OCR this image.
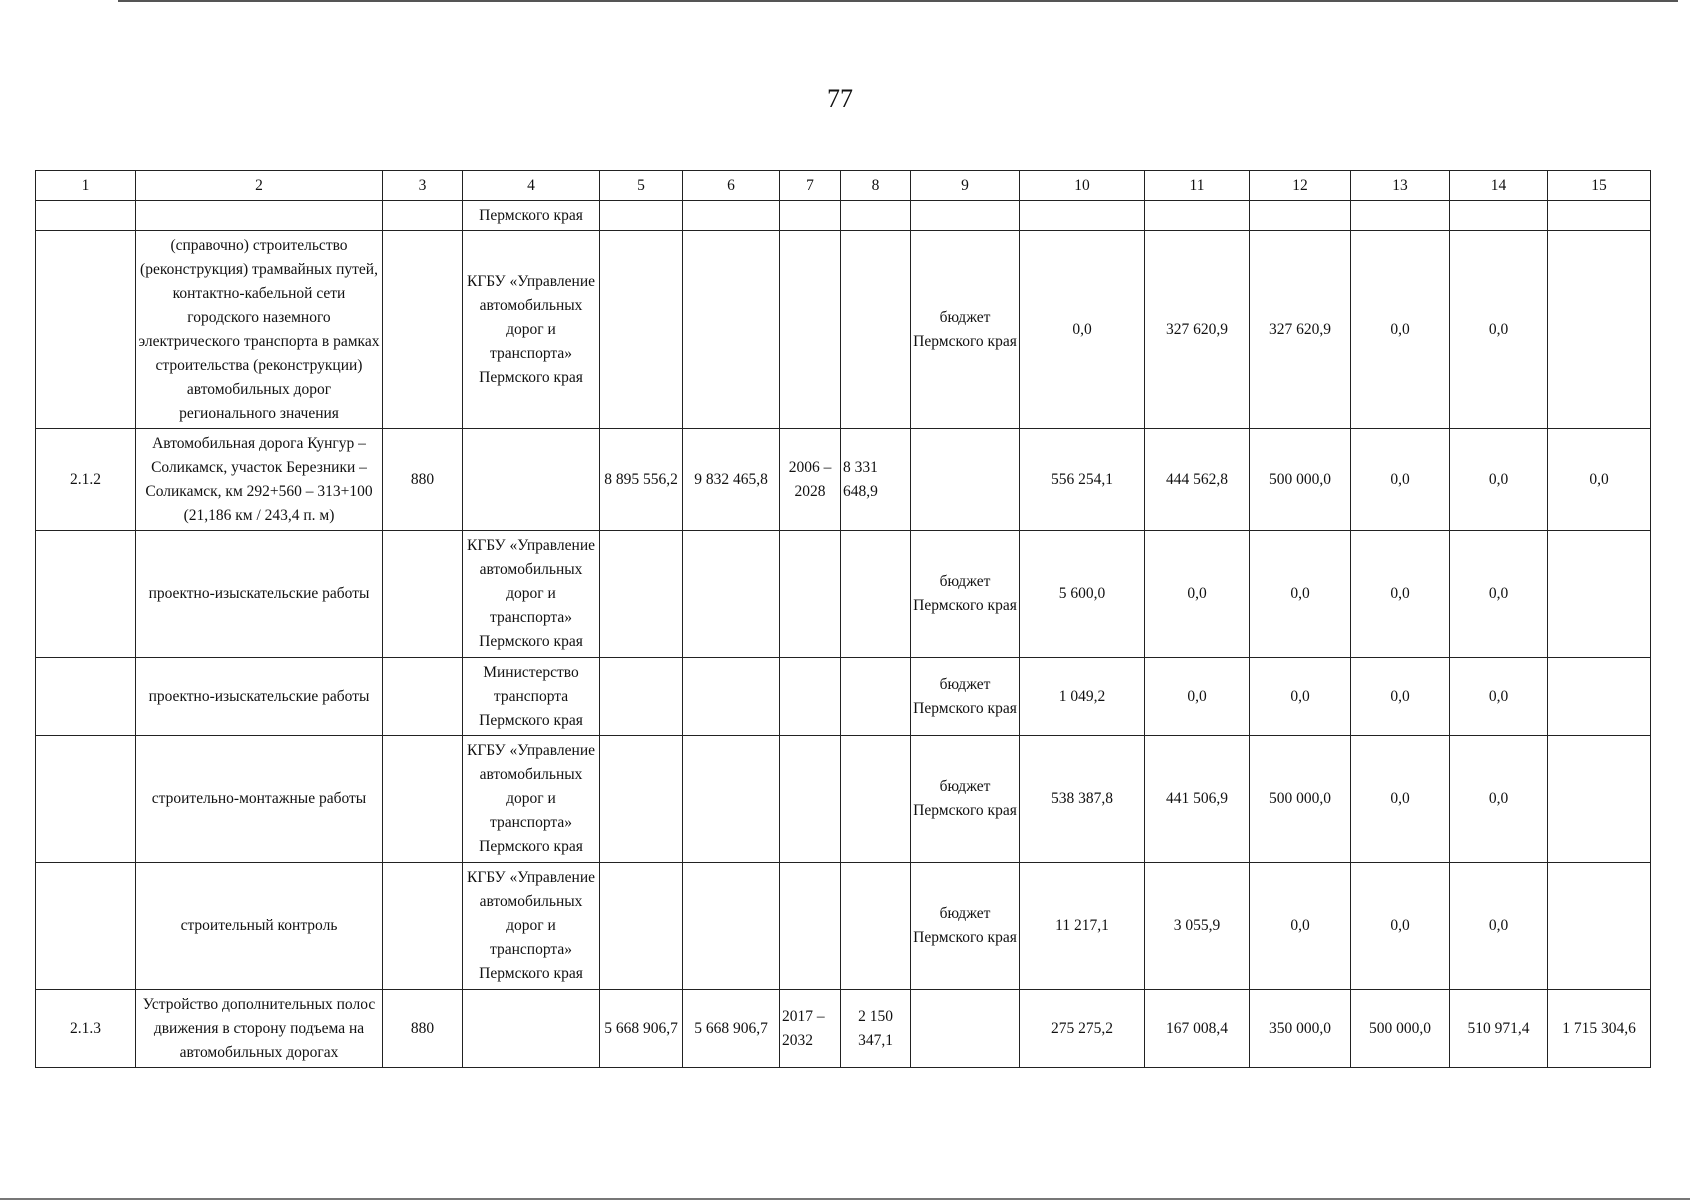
77
1	2	3	4	5	6	7	8	9	10	11	12	13	14	15
			Пермского края											
	(справочно) строительство (реконструкция) трамвайных путей, контактно-кабельной сети городского наземного электрического транспорта в рамках строительства (реконструкции) автомобильных дорог регионального значения		КГБУ «Управление автомобильных дорог и транспорта» Пермского края					бюджет Пермского края	0,0	327 620,9	327 620,9	0,0	0,0	
2.1.2	Автомобильная дорога Кунгур – Соликамск, участок Березники – Соликамск, км 292+560 – 313+100 (21,186 км / 243,4 п. м)	880		8 895 556,2	9 832 465,8	2006 – 2028	8 331 648,9		556 254,1	444 562,8	500 000,0	0,0	0,0	0,0
	проектно-изыскательские работы		КГБУ «Управление автомобильных дорог и транспорта» Пермского края					бюджет Пермского края	5 600,0	0,0	0,0	0,0	0,0	
	проектно-изыскательские работы		Министерство транспорта Пермского края					бюджет Пермского края	1 049,2	0,0	0,0	0,0	0,0	
	строительно-монтажные работы		КГБУ «Управление автомобильных дорог и транспорта» Пермского края					бюджет Пермского края	538 387,8	441 506,9	500 000,0	0,0	0,0	
	строительный контроль		КГБУ «Управление автомобильных дорог и транспорта» Пермского края					бюджет Пермского края	11 217,1	3 055,9	0,0	0,0	0,0	
2.1.3	Устройство дополнительных полос движения в сторону подъема на автомобильных дорогах	880		5 668 906,7	5 668 906,7	2017 – 2032	2 150 347,1		275 275,2	167 008,4	350 000,0	500 000,0	510 971,4	1 715 304,6
